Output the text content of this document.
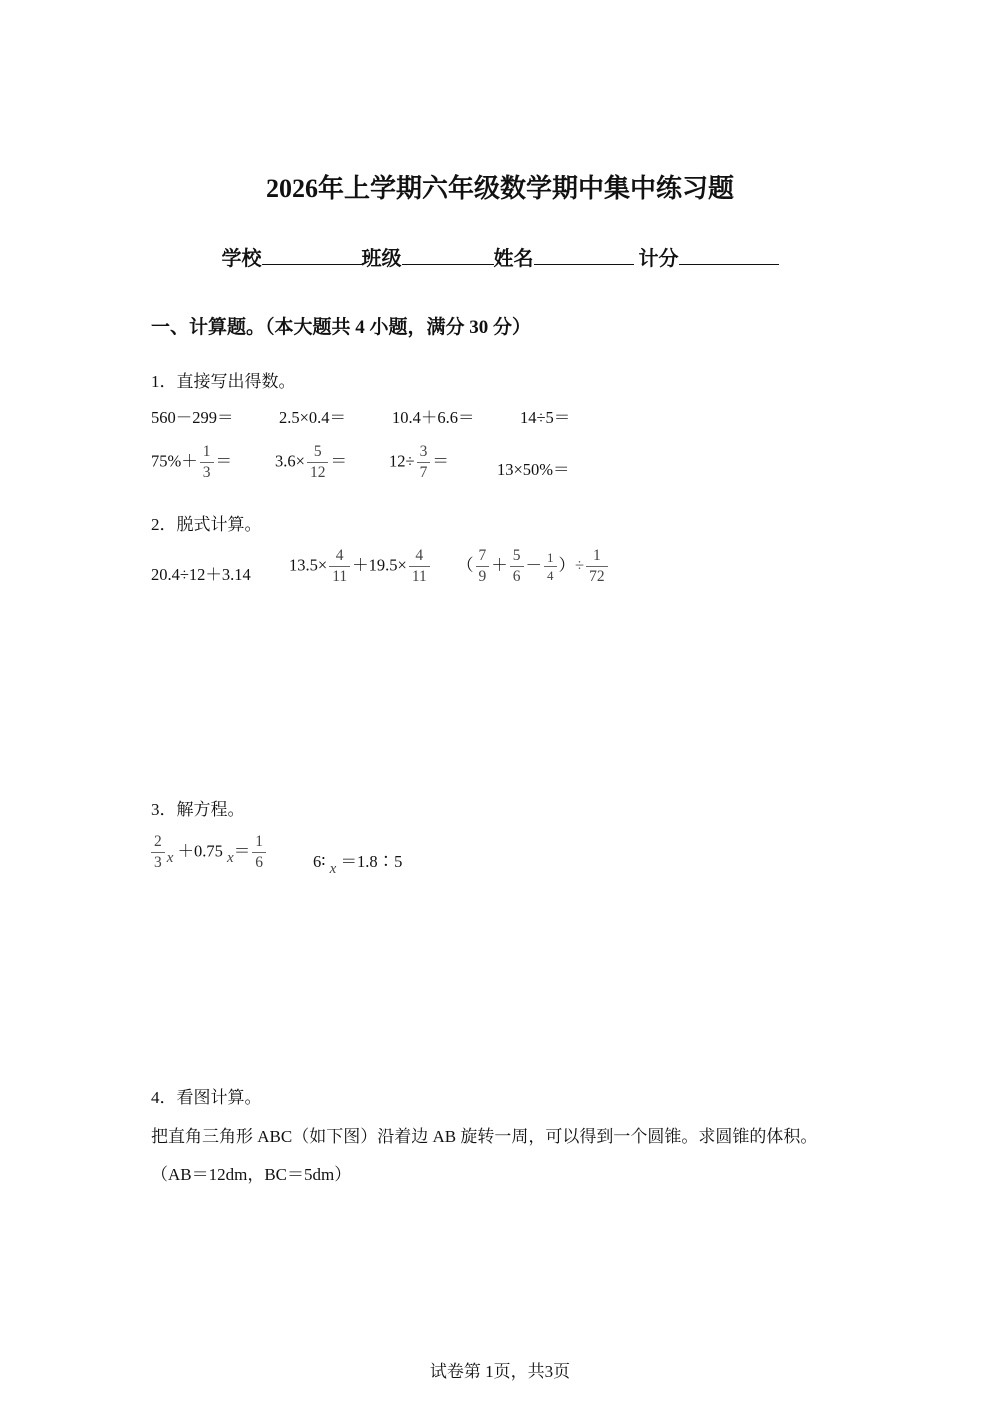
2026年上学期六年级数学期中集中练习题
学校	班级	姓名	计分
一、计算题。（本大题共 4 小题，满分 30 分）
1．直接写出得数。
560－299＝	2.5×0.4＝	10.4＋6.6＝	14÷5＝
$75\%+ \frac{1}{3}$ ＝	$3.6\times \frac{5}{12}$ ＝	$12\div \frac{3}{7}$ ＝	13×50%＝
2．脱式计算。
20.4÷12＋3.14
$13.5\times \frac{4}{11} +19.5\times \frac{4}{11}$ （ $\frac{7}{9} + \frac{5}{6} - \frac{1}{4}$ ）÷ $\frac{1}{72}$
3．解方程。
$\frac{2}{3}$ x ＋0.75 $x= \frac{1}{6}$	6∶ x ＝1.8∶5
4．看图计算。
把直角三角形 ABC（如下图）沿着边 AB 旋转一周，可以得到一个圆锥。求圆锥的体积。
（AB＝12dm，BC＝5dm）
试卷第 1页，共3页
